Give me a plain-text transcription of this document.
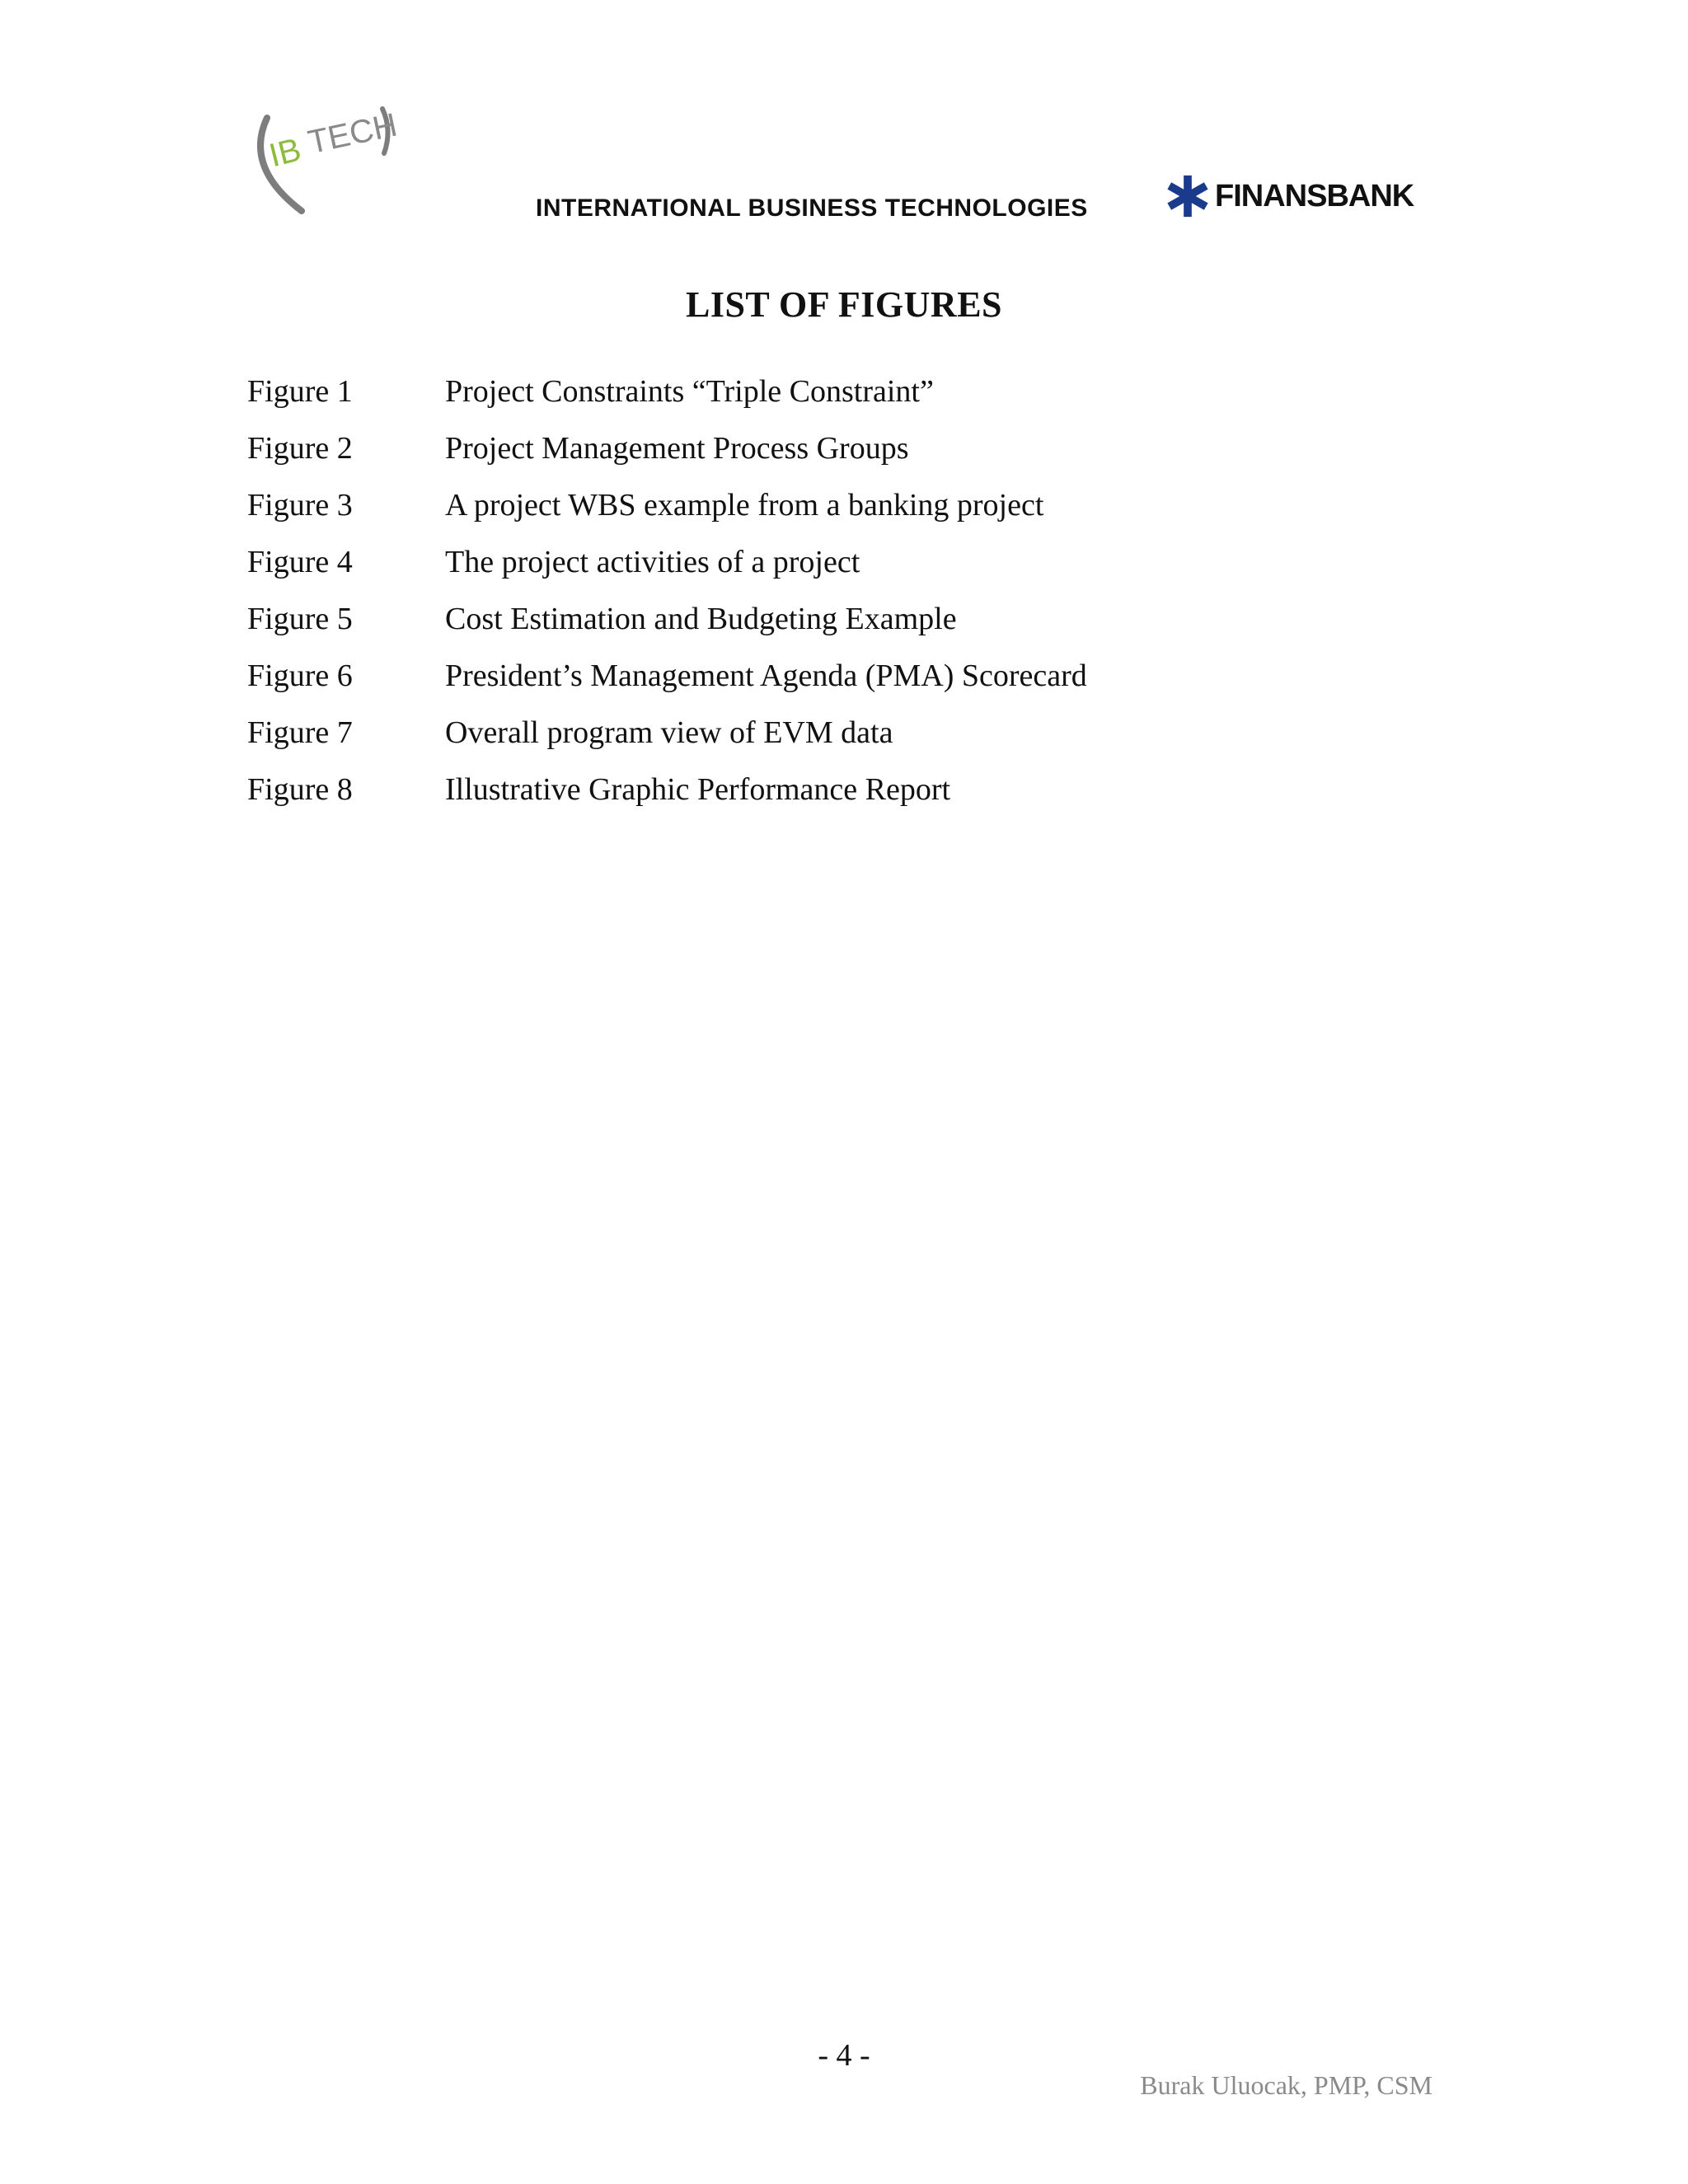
IB TECH
INTERNATIONAL BUSINESS TECHNOLOGIES	FINANSBANK
LIST OF FIGURES
Figure 1	Project Constraints “Triple Constraint”
Figure 2	Project Management Process Groups
Figure 3	A project WBS example from a banking project
Figure 4	The project activities of a project
Figure 5	Cost Estimation and Budgeting Example
Figure 6	President’s Management Agenda (PMA) Scorecard
Figure 7	Overall program view of EVM data
Figure 8	Illustrative Graphic Performance Report
- 4 -
Burak Uluocak, PMP, CSM
